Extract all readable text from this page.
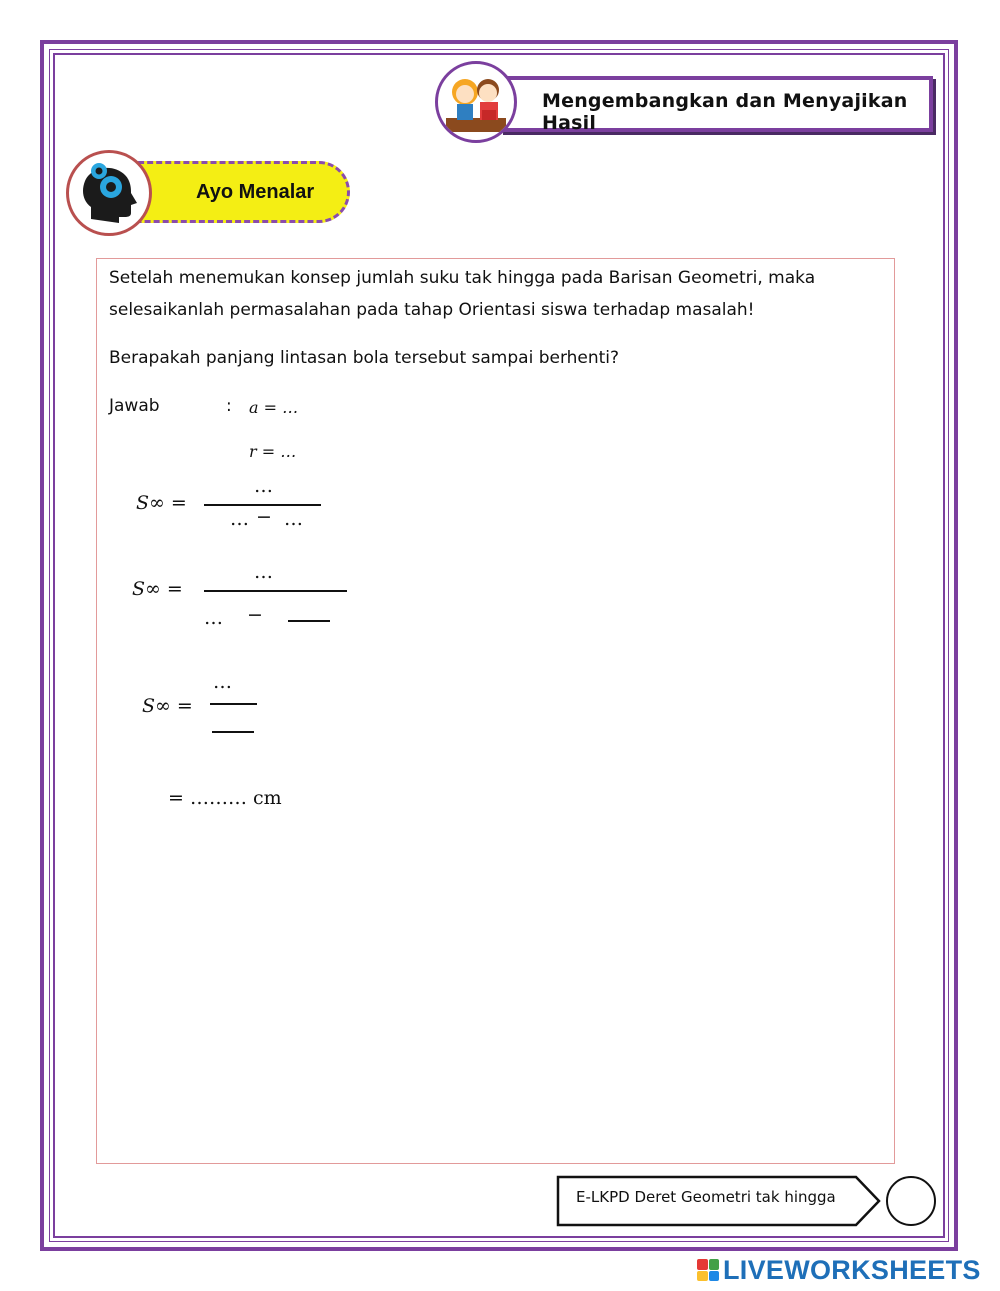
Mengembangkan dan Menyajikan Hasil
Ayo Menalar
Setelah menemukan konsep jumlah suku tak hingga pada Barisan Geometri, maka
selesaikanlah permasalahan pada tahap Orientasi siswa terhadap masalah!
Berapakah panjang lintasan bola tersebut sampai berhenti?
Jawab	: a = …
r = …
S∞ =
…
… − …
S∞ =
…
… −
S∞ =
…
= ……… cm
E-LKPD Deret Geometri tak hingga
LIVEWORKSHEETS
